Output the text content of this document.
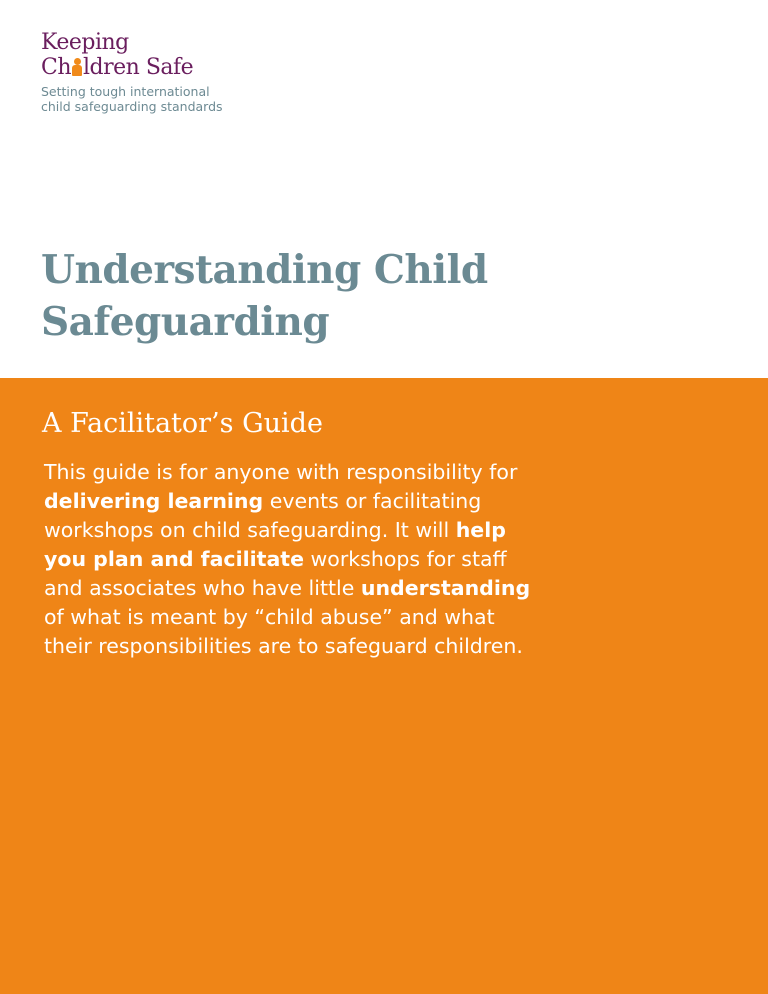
Keeping
Ch ldren Safe
Setting tough international
child safeguarding standards
Understanding Child
Safeguarding
A Facilitator’s Guide
This guide is for anyone with responsibility for delivering learning events or facilitating workshops on child safeguarding. It will help you plan and facilitate workshops for staff and associates who have little understanding of what is meant by “child abuse” and what their responsibilities are to safeguard children.
